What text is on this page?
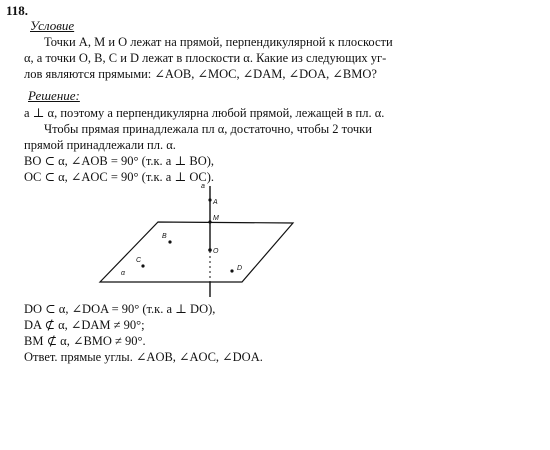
118.
Условие
Точки A, M и O лежат на прямой, перпендикулярной к плоскости
α, а точки O, B, C и D лежат в плоскости α. Какие из следующих уг-
лов являются прямыми: ∠AOB, ∠MOC, ∠DAM, ∠DOA, ∠BMO?
Решение:
a ⊥ α, поэтому a перпендикулярна любой прямой, лежащей в пл. α.
Чтобы прямая принадлежала пл α, достаточно, чтобы 2 точки
прямой принадлежали пл. α.
BO ⊂ α, ∠AOB = 90° (т.к. a ⊥ BO),
OC ⊂ α, ∠AOC = 90° (т.к. a ⊥ OC).
a
A
M
O
B
C
D
α
DO ⊂ α, ∠DOA = 90° (т.к. a ⊥ DO),
DA ⊄ α, ∠DAM ≠ 90°;
BM ⊄ α, ∠BMO ≠ 90°.
Ответ. прямые углы. ∠AOB, ∠AOC, ∠DOA.
